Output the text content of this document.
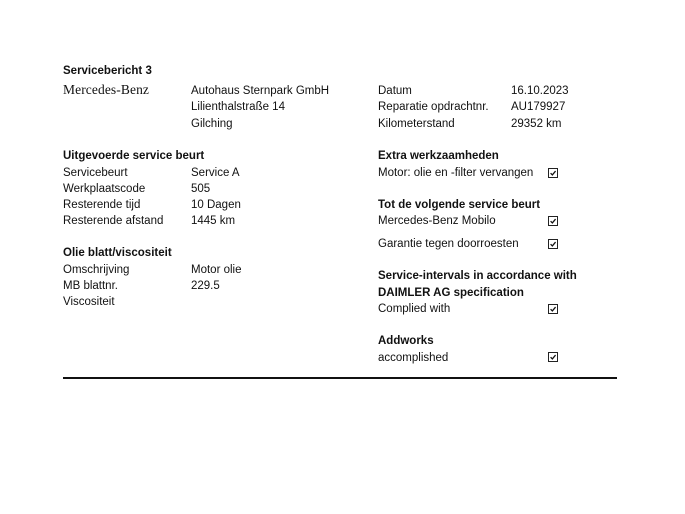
Servicebericht 3
Mercedes-Benz	Autohaus Sternpark GmbH
Lilienthalstraße 14
Gilching
Datum	16.10.2023
Reparatie opdrachtnr. AU179927
Kilometerstand	29352 km
Uitgevoerde service beurt
Servicebeurt	Service A
Werkplaatscode	505
Resterende tijd	10 Dagen
Resterende afstand 1445 km
Olie blatt/viscositeit
Omschrijving	Motor olie
MB blattnr.	229.5
Viscositeit
Extra werkzaamheden
Motor: olie en -filter vervangen
Tot de volgende service beurt
Mercedes-Benz Mobilo
Garantie tegen doorroesten
Service-intervals in accordance with
DAIMLER AG specification
Complied with
Addworks
accomplished
